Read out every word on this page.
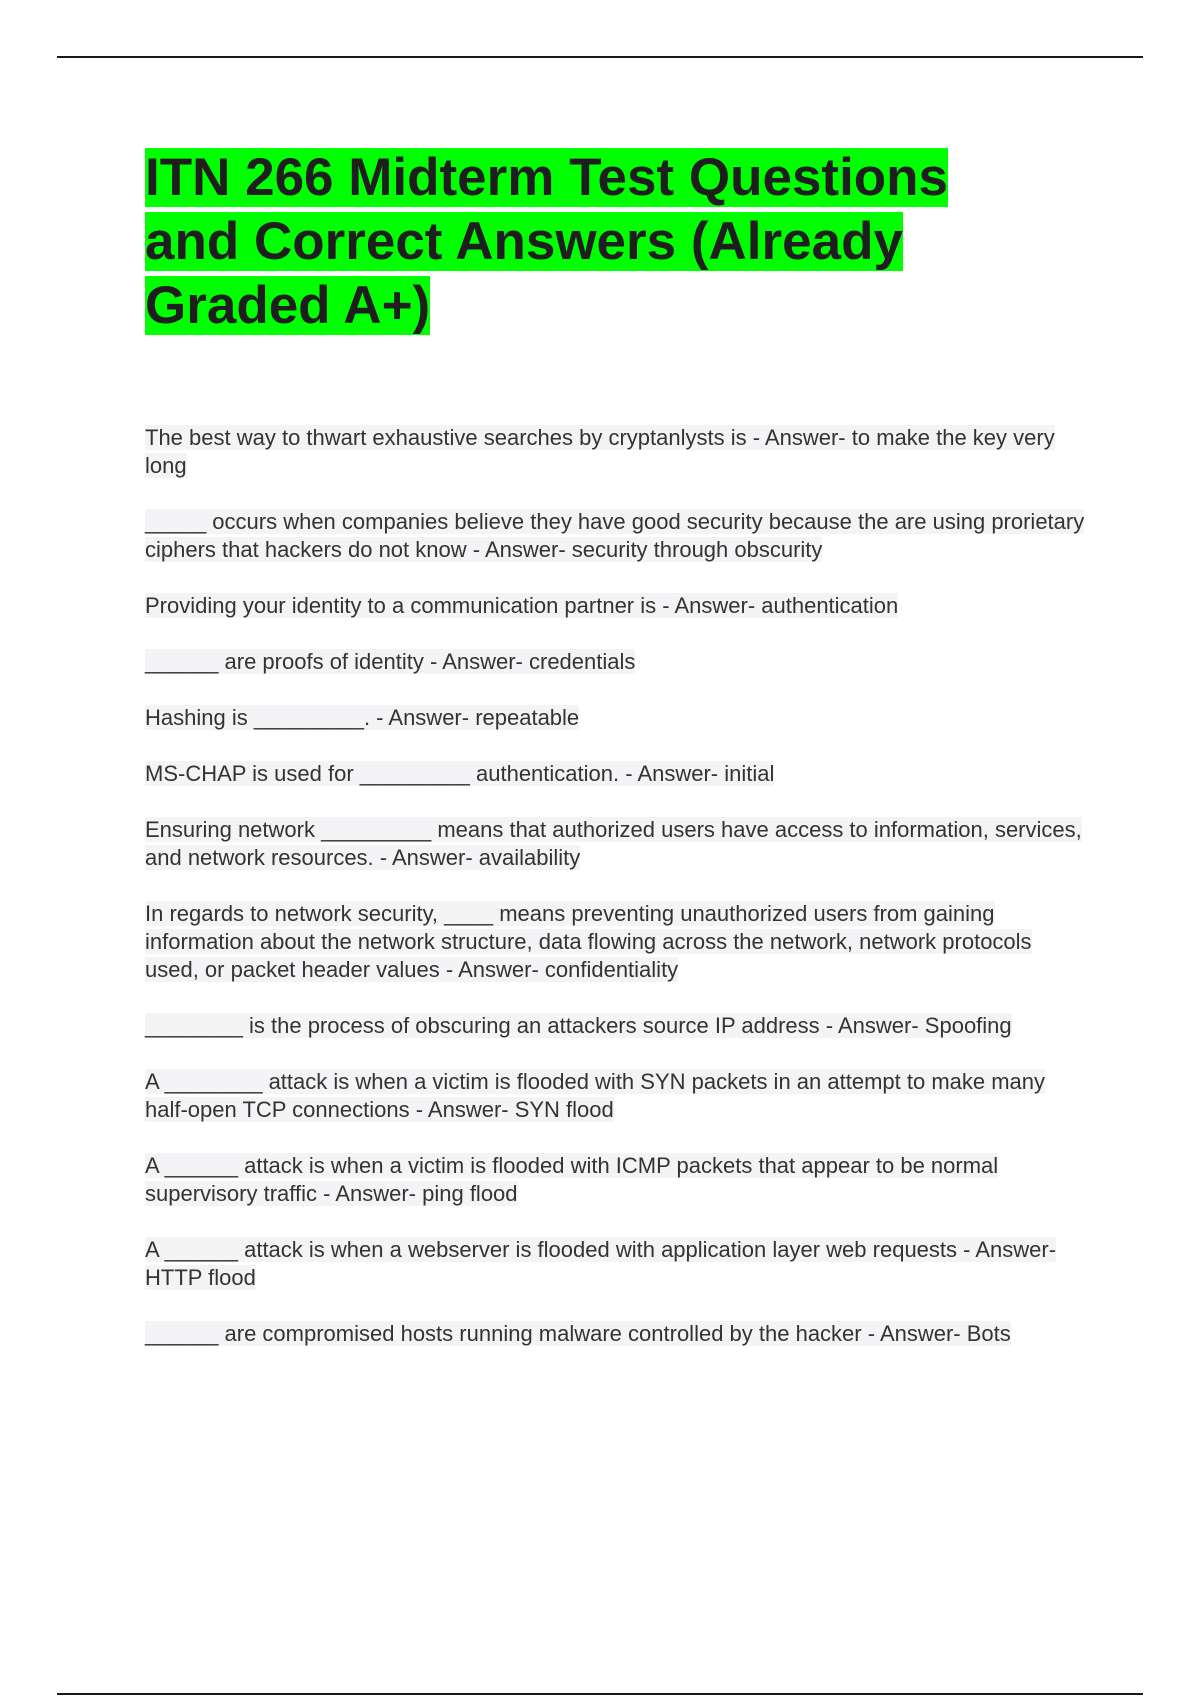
ITN 266 Midterm Test Questions and Correct Answers (Already Graded A+)
The best way to thwart exhaustive searches by cryptanlysts is - Answer- to make the key very long
_____ occurs when companies believe they have good security because the are using prorietary ciphers that hackers do not know - Answer- security through obscurity
Providing your identity to a communication partner is - Answer- authentication
______ are proofs of identity - Answer- credentials
Hashing is _________. - Answer- repeatable
MS-CHAP is used for _________ authentication. - Answer- initial
Ensuring network _________ means that authorized users have access to information, services, and network resources. - Answer- availability
In regards to network security, ____ means preventing unauthorized users from gaining information about the network structure, data flowing across the network, network protocols used, or packet header values - Answer- confidentiality
________ is the process of obscuring an attackers source IP address - Answer- Spoofing
A ________ attack is when a victim is flooded with SYN packets in an attempt to make many half-open TCP connections - Answer- SYN flood
A ______ attack is when a victim is flooded with ICMP packets that appear to be normal supervisory traffic - Answer- ping flood
A ______ attack is when a webserver is flooded with application layer web requests - Answer- HTTP flood
______ are compromised hosts running malware controlled by the hacker - Answer- Bots
